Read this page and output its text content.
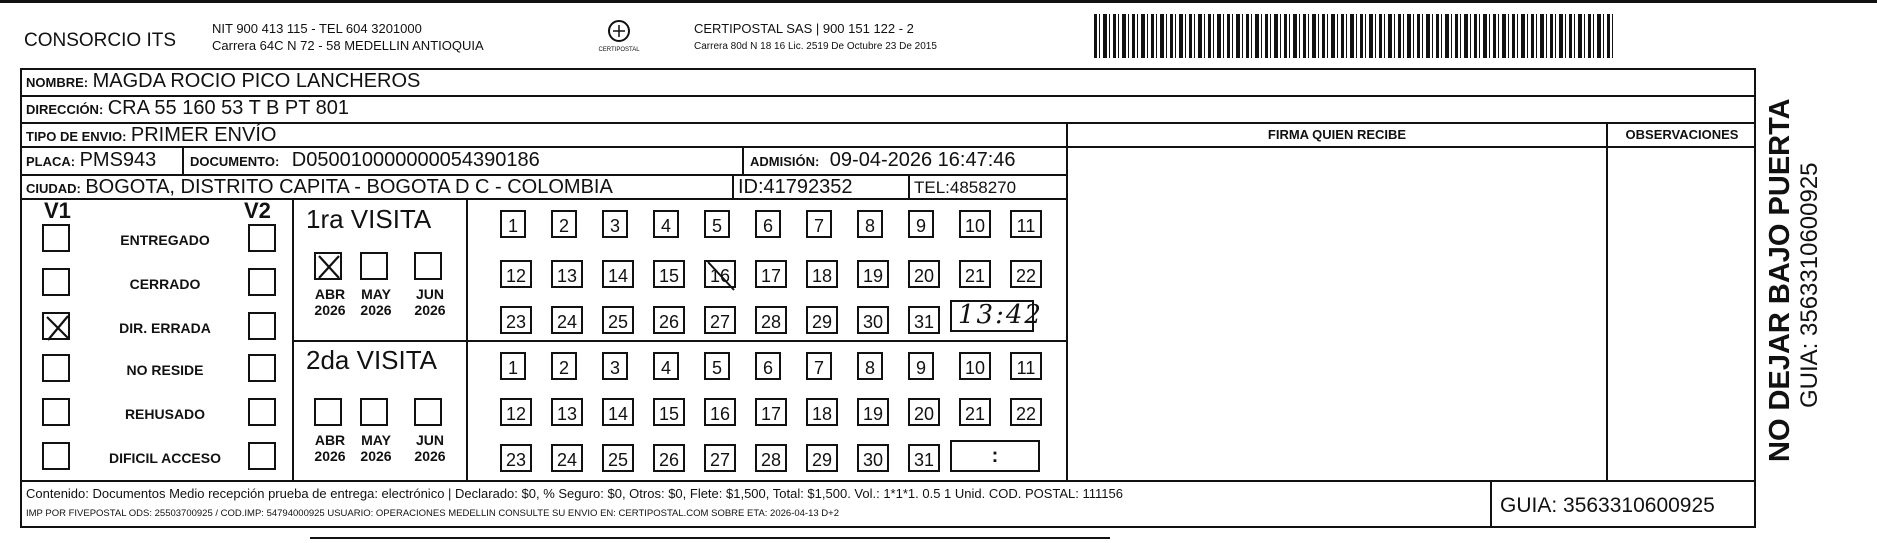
CONSORCIO ITS
NIT 900 413 115 - TEL 604 3201000
Carrera 64C N 72 - 58 MEDELLIN ANTIOQUIA	CERTIPOSTAL
CERTIPOSTAL SAS | 900 151 122 - 2
Carrera 80d N 18 16 Lic. 2519 De Octubre 23 De 2015
NOMBRE: MAGDA ROCIO PICO LANCHEROS
DIRECCIÓN: CRA 55 160 53 T B PT 801
TIPO DE ENVIO: PRIMER ENVÍO
PLACA: PMS943	DOCUMENTO: D050010000000054390186	ADMISIÓN: 09-04-2026 16:47:46
CIUDAD: BOGOTA, DISTRITO CAPITA - BOGOTA D C - COLOMBIA	ID:41792352	TEL:4858270
FIRMA QUIEN RECIBE	OBSERVACIONES
V1	V2 1ra VISITA
2da VISITA
ENTREGADO
CERRADO
DIR. ERRADA
NO RESIDE
REHUSADO
DIFICIL ACCESO
ABR
2026
MAY
2026
JUN
2026
ABR
2026
MAY
2026
JUN
2026
1	2	3	4	5	6	7	8	9	10	11
12	13	14	15	16	17	18	19	20	21	22
23	24	25	26	27	28	29	30	31
1	2	3	4	5	6	7	8	9	10	11
12	13	14	15	16	17	18	19	20	21	22
23	24	25	26	27	28	29	30	31
13:42
:
Contenido: Documentos Medio recepción prueba de entrega: electrónico | Declarado: $0, % Seguro: $0, Otros: $0, Flete: $1,500, Total: $1,500. Vol.: 1*1*1. 0.5 1 Unid. COD. POSTAL: 111156
IMP POR FIVEPOSTAL ODS: 25503700925 / COD.IMP: 54794000925 USUARIO: OPERACIONES MEDELLIN CONSULTE SU ENVIO EN: CERTIPOSTAL.COM SOBRE ETA: 2026-04-13 D+2	GUIA: 3563310600925
NO DEJAR BAJO PUERTA GUIA: 3563310600925
